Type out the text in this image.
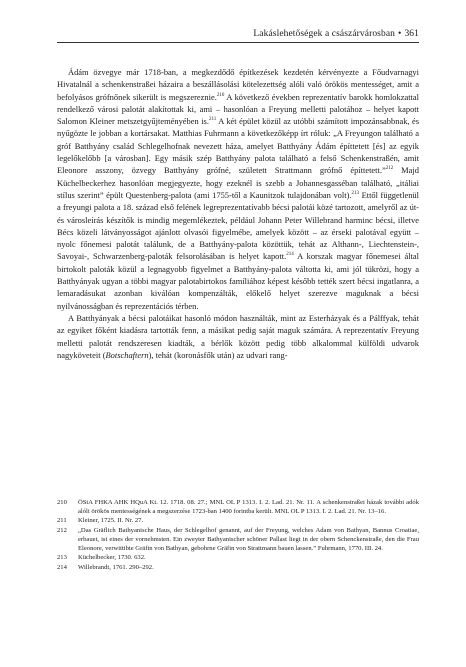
Lakáslehetőségek a császárvárosban • 361

Ádám özvegye már 1718-ban, a megkezdődő építkezések kezdetén kérvényezte a Főudvarnagyi Hivatalnál a schenkenstraßei házaira a beszállásolási kötelezettség alóli való örökös mentességet, amit a befolyásos grófnőnek sikerült is megszereznie.$^{210}$ A következő években reprezentatív barokk homlokzattal rendelkező városi palotát alakítottak ki, ami – hasonlóan a Freyung melletti palotához – helyet kapott Salomon Kleiner metszetgyűjteményében is.$^{211}$ A két épület közül az utóbbi számított impozánsabbnak, és nyűgözte le jobban a kortársakat. Matthias Fuhrmann a következőképp írt róluk: „A Freyungon található a gróf Batthyány család Schlegelhofnak nevezett háza, amelyet Batthyány Ádám építtetett [és] az egyik legelőkelőbb [a városban]. Egy másik szép Batthyány palota található a felső Schenkenstraßén, amit Eleonore asszony, özvegy Batthyány grófné, született Strattmann grófnő építtetett.”$^{212}$ Majd Küchelbeckerhez hasonlóan megjegyezte, hogy ezeknél is szebb a Johannesgasséban található, „itáliai stílus szerint” épült Questenberg-palota (ami 1755-től a Kaunitzok tulajdonában volt).$^{213}$ Ettől függetlenül a freyungi palota a 18. század első felének legreprezentatívabb bécsi palotái közé tartozott, amelyről az út- és városleírás készítők is mindig megemlékeztek, például Johann Peter Willebrand harminc bécsi, illetve Bécs közeli látványosságot ajánlott olvasói figyelmébe, amelyek között – az érseki palotával együtt – nyolc főnemesi palotát találunk, de a Batthyány-palota közöttük, tehát az Althann-, Liechtenstein-, Savoyai-, Schwarzenberg-paloták felsorolásában is helyet kapott.$^{214}$ A korszak magyar főnemesei által birtokolt paloták közül a legnagyobb figyelmet a Batthyány-palota váltotta ki, ami jól tükrözi, hogy a Batthyányak ugyan a többi magyar palotabirtokos famíliához képest később tették szert bécsi ingatlanra, a lemaradásukat azonban kiválóan kompenzálták, előkelő helyet szerezve maguknak a bécsi nyilvánosságban és reprezentációs térben.

A Batthyányak a bécsi palotáikat hasonló módon használták, mint az Esterházyak és a Pálffyak, tehát az egyiket főként kiadásra tartották fenn, a másikat pedig saját maguk számára. A reprezentatív Freyung melletti palotát rendszeresen kiadták, a bérlők között pedig több alkalommal külföldi udvarok nagyköveteit (Botschaftern), tehát (koronásfők után) az udvari rang-

210	ÖStA FHKA AHK HQuA Kt. 12. 1718. 08. 27.; MNL OL P 1313. I. 2. Lad. 21. Nr. 11. A schenkenstraßei házak további adók alóli örökös mentességének a megszerzése 1723-ban 1400 forintba került. MNL OL P 1313. I. 2. Lad. 21. Nr. 13–16.
211	Kleiner, 1725. II. Nr. 27.
212	„Das Gräflich Bathyanische Haus, der Schlegelhof genannt, auf der Freyung, welches Adam von Bathyan, Bannus Croatiae, erbauet, ist eines der vornehmsten. Ein zweyter Bathyanischer schöner Pallast liegt in der obern Schenckenstraße, den die Frau Eleonore, verwittibte Gräfin von Bathyan, gebohrne Gräfin von Strattmann bauen lassen.” Fuhrmann, 1770. III. 24.
213	Küchelbecker, 1730. 632.
214	Willebrandt, 1761. 290–292.
